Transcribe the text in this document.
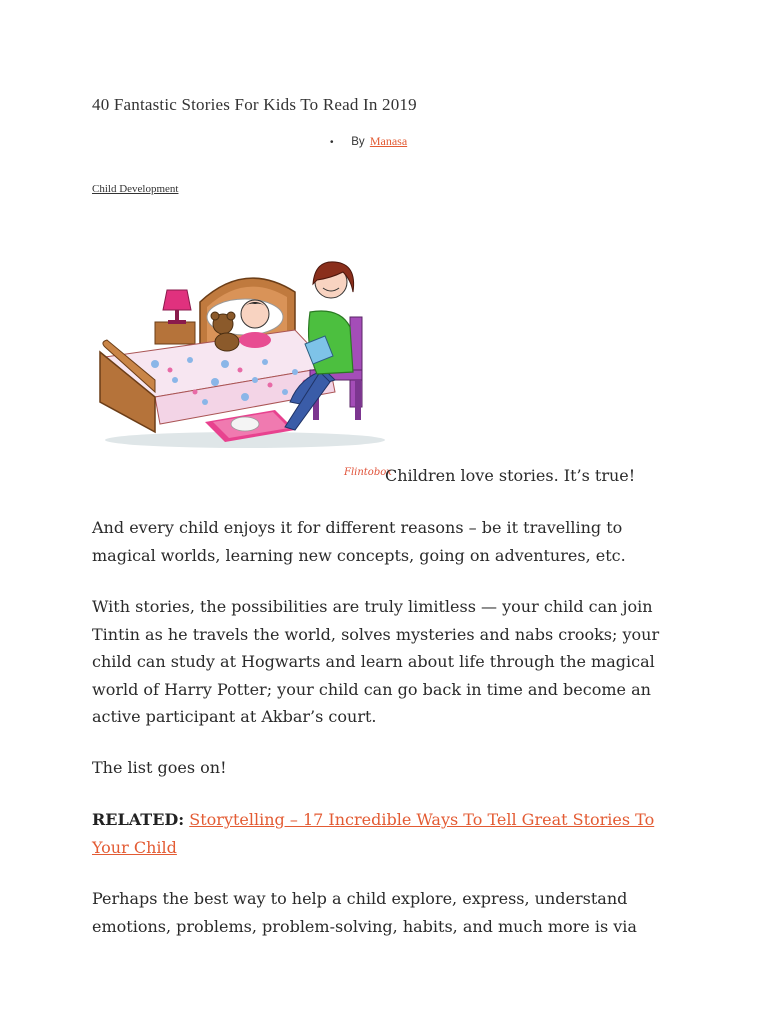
40 Fantastic Stories For Kids To Read In 2019
• By Manasa
Child Development
Flintobox
Children love stories. It’s true!
And every child enjoys it for different reasons – be it travelling to magical worlds, learning new concepts, going on adventures, etc.
With stories, the possibilities are truly limitless — your child can join Tintin as he travels the world, solves mysteries and nabs crooks; your child can study at Hogwarts and learn about life through the magical world of Harry Potter; your child can go back in time and become an active participant at Akbar’s court.
The list goes on!
RELATED: Storytelling – 17 Incredible Ways To Tell Great Stories To Your Child
Perhaps the best way to help a child explore, express, understand emotions, problems, problem-solving, habits, and much more is via
